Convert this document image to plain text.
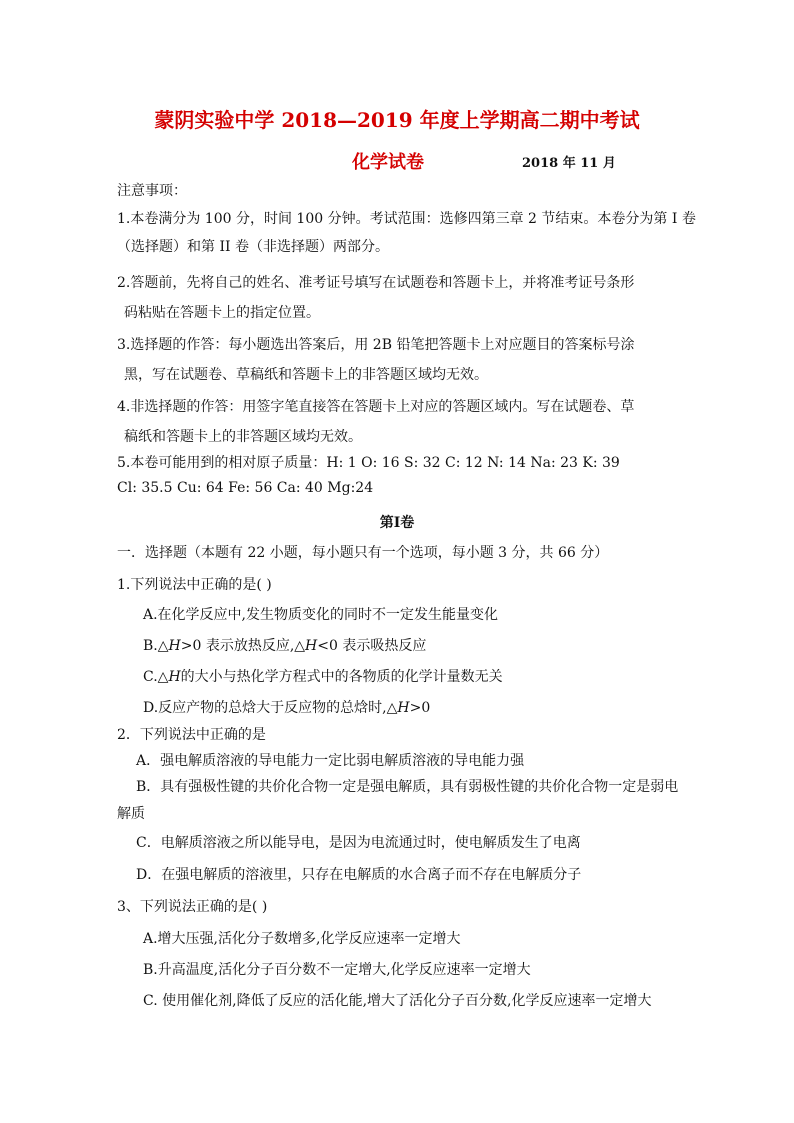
蒙阴实验中学 2018—2019 年度上学期高二期中考试
化学试卷	2018 年 11 月
注意事项：
1.本卷满分为 100 分，时间 100 分钟。考试范围：选修四第三章 2 节结束。本卷分为第 I 卷
（选择题）和第 II 卷（非选择题）两部分。
2.答题前，先将自己的姓名、准考证号填写在试题卷和答题卡上，并将准考证号条形
码粘贴在答题卡上的指定位置。
3.选择题的作答：每小题选出答案后，用 2B 铅笔把答题卡上对应题目的答案标号涂
黑，写在试题卷、草稿纸和答题卡上的非答题区域均无效。
4.非选择题的作答：用签字笔直接答在答题卡上对应的答题区域内。写在试题卷、草
稿纸和答题卡上的非答题区域均无效。
5.本卷可能用到的相对原子质量：H: 1 O: 16 S: 32 C: 12 N: 14 Na: 23 K: 39
Cl: 35.5 Cu: 64 Fe: 56 Ca: 40 Mg:24
第Ⅰ卷
一．选择题（本题有 22 小题，每小题只有一个选项，每小题 3 分，共 66 分）
1.下列说法中正确的是( )
A.在化学反应中,发生物质变化的同时不一定发生能量变化
B.△H>0 表示放热反应,△H<0 表示吸热反应
C.△H的大小与热化学方程式中的各物质的化学计量数无关
D.反应产物的总焓大于反应物的总焓时,△H>0
2．下列说法中正确的是
A．强电解质溶液的导电能力一定比弱电解质溶液的导电能力强
B．具有强极性键的共价化合物一定是强电解质，具有弱极性键的共价化合物一定是弱电
解质
C．电解质溶液之所以能导电，是因为电流通过时，使电解质发生了电离
D．在强电解质的溶液里，只存在电解质的水合离子而不存在电解质分子
3、下列说法正确的是( )
A.增大压强,活化分子数增多,化学反应速率一定增大
B.升高温度,活化分子百分数不一定增大,化学反应速率一定增大
C. 使用催化剂,降低了反应的活化能,增大了活化分子百分数,化学反应速率一定增大
